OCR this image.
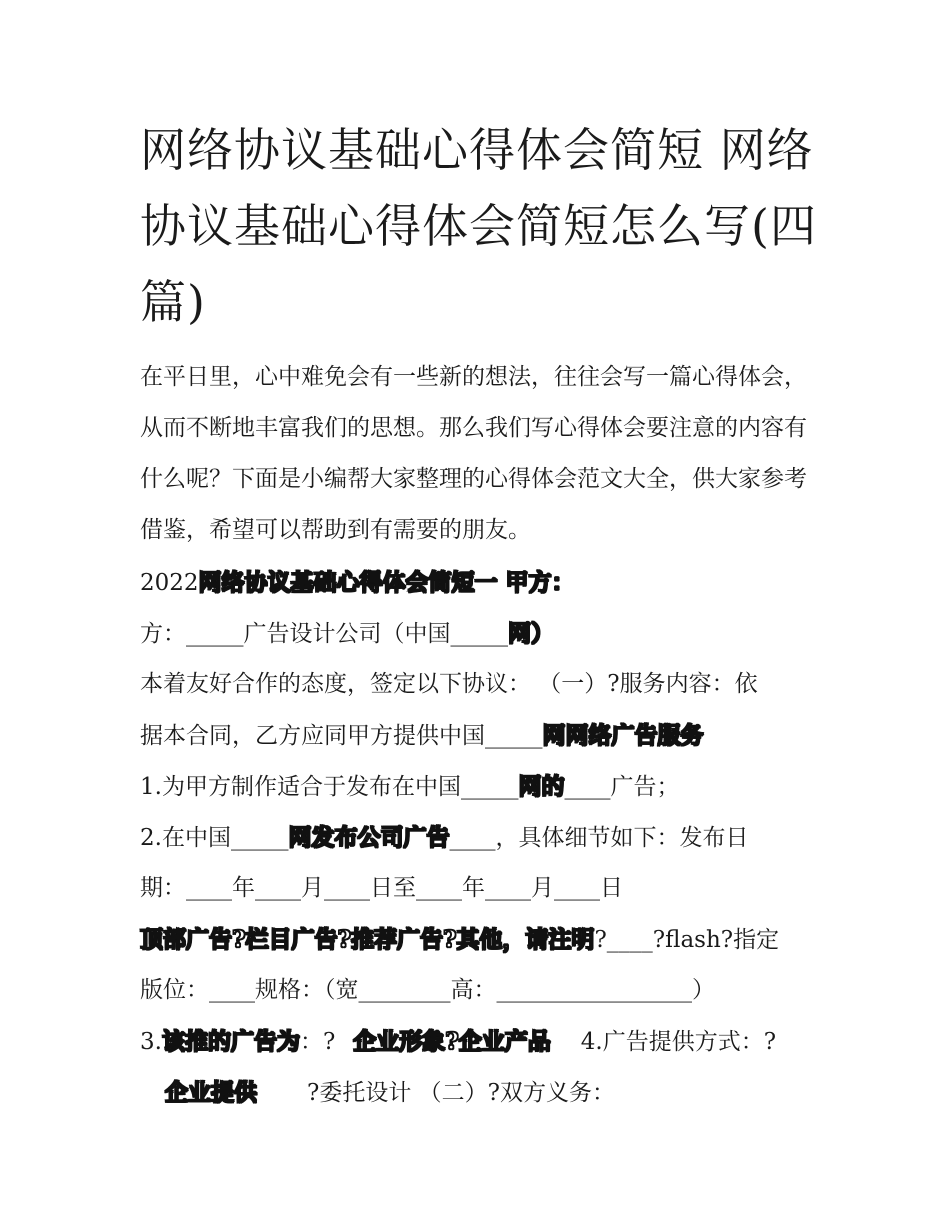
网络协议基础心得体会简短 网络协议基础心得体会简短怎么写(四篇)
在平日里，心中难免会有一些新的想法，往往会写一篇心得体会，从而不断地丰富我们的思想。那么我们写心得体会要注意的内容有什么呢？下面是小编帮大家整理的心得体会范文大全，供大家参考借鉴，希望可以帮助到有需要的朋友。
2022网络协议基础心得体会简短一 甲方：
方：_____广告设计公司（中国_____网）
本着友好合作的态度，签定以下协议： （一）?服务内容：依
据本合同，乙方应同甲方提供中国_____网网络广告服务
1.为甲方制作适合于发布在中国_____网的____广告；
2.在中国_____网发布公司广告____，具体细节如下：发布日
期：____年____月____日至____年____月____日
顶部广告?栏目广告?推荐广告?其他，请注明?____?flash?指定
版位：____规格：（宽________高：_________________）
3.该推的广告为：? 企业形象?企业产品 4.广告提供方式：?
企业提供 ?委托设计 （二）?双方义务：
